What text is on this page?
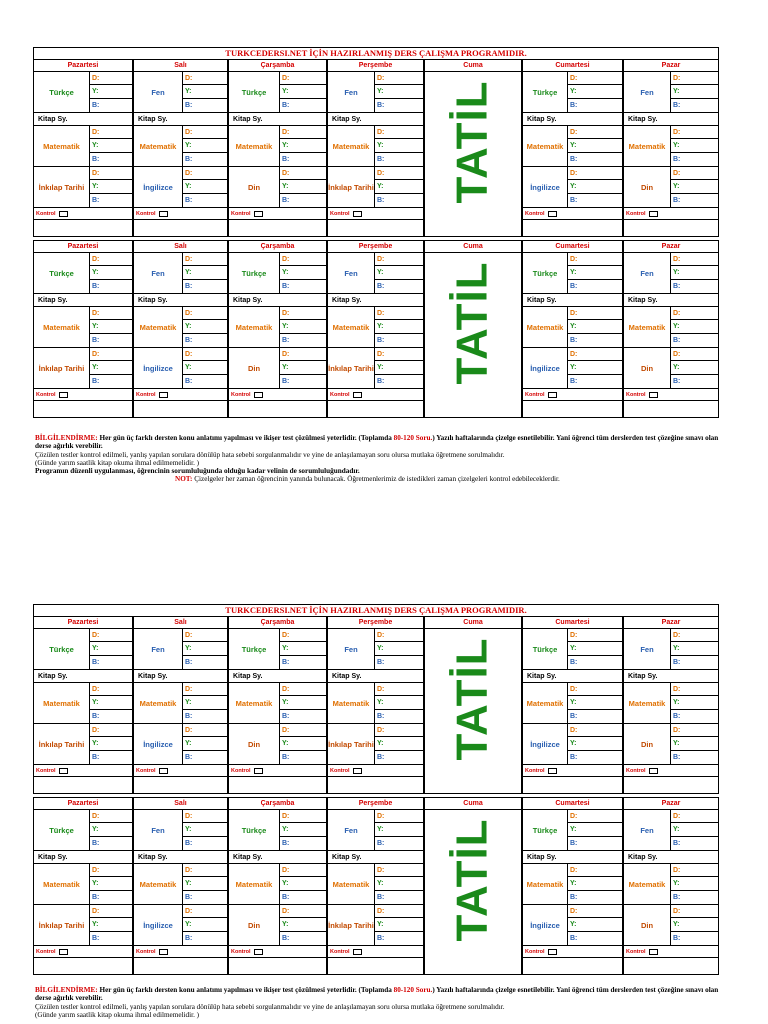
TURKCEDERSI.NET İÇİN HAZIRLANMIŞ DERS ÇALIŞMA PROGRAMIDIR.
Pazartesi
Türkçe
D:
Y:
B:
Kitap Sy.
Matematik
D:
Y:
B:
İnkılap Tarihi
D:
Y:
B:
Kontrol
Salı
Fen
D:
Y:
B:
Kitap Sy.
Matematik
D:
Y:
B:
İngilizce
D:
Y:
B:
Kontrol
Çarşamba
Türkçe
D:
Y:
B:
Kitap Sy.
Matematik
D:
Y:
B:
Din
D:
Y:
B:
Kontrol
Perşembe
Fen
D:
Y:
B:
Kitap Sy.
Matematik
D:
Y:
B:
İnkılap Tarihi
D:
Y:
B:
Kontrol
Cuma
TATİL
Cumartesi
Türkçe
D:
Y:
B:
Kitap Sy.
Matematik
D:
Y:
B:
İngilizce
D:
Y:
B:
Kontrol
Pazar
Fen
D:
Y:
B:
Kitap Sy.
Matematik
D:
Y:
B:
Din
D:
Y:
B:
Kontrol
Pazartesi
Türkçe
D:
Y:
B:
Kitap Sy.
Matematik
D:
Y:
B:
İnkılap Tarihi
D:
Y:
B:
Kontrol
Salı
Fen
D:
Y:
B:
Kitap Sy.
Matematik
D:
Y:
B:
İngilizce
D:
Y:
B:
Kontrol
Çarşamba
Türkçe
D:
Y:
B:
Kitap Sy.
Matematik
D:
Y:
B:
Din
D:
Y:
B:
Kontrol
Perşembe
Fen
D:
Y:
B:
Kitap Sy.
Matematik
D:
Y:
B:
İnkılap Tarihi
D:
Y:
B:
Kontrol
Cuma
TATİL
Cumartesi
Türkçe
D:
Y:
B:
Kitap Sy.
Matematik
D:
Y:
B:
İngilizce
D:
Y:
B:
Kontrol
Pazar
Fen
D:
Y:
B:
Kitap Sy.
Matematik
D:
Y:
B:
Din
D:
Y:
B:
Kontrol

BİLGİLENDİRME: Her gün üç farklı dersten konu anlatımı yapılması ve ikişer test çözülmesi yeterlidir. (Toplamda 80-120 Soru.) Yazılı haftalarında çizelge esnetilebilir. Yani öğrenci tüm derslerden test çözeğine sınavı olan derse ağırlık verebilir.

Çözülen testler kontrol edilmeli, yanlış yapılan sorulara dönülüp hata sebebi sorgulanmalıdır ve yine de anlaşılamayan soru olursa mutlaka öğretmene sorulmalıdır.

(Günde yarım saatlik kitap okuma ihmal edilmemelidir. )

Programın düzenli uygulanması, öğrencinin sorumluluğunda olduğu kadar velinin de sorumluluğundadır.

NOT: Çizelgeler her zaman öğrencinin yanında bulunacak. Öğretmenlerimiz de istedikleri zaman çizelgeleri kontrol edebileceklerdir.

TURKCEDERSI.NET İÇİN HAZIRLANMIŞ DERS ÇALIŞMA PROGRAMIDIR.
Pazartesi
Türkçe
D:
Y:
B:
Kitap Sy.
Matematik
D:
Y:
B:
İnkılap Tarihi
D:
Y:
B:
Kontrol
Salı
Fen
D:
Y:
B:
Kitap Sy.
Matematik
D:
Y:
B:
İngilizce
D:
Y:
B:
Kontrol
Çarşamba
Türkçe
D:
Y:
B:
Kitap Sy.
Matematik
D:
Y:
B:
Din
D:
Y:
B:
Kontrol
Perşembe
Fen
D:
Y:
B:
Kitap Sy.
Matematik
D:
Y:
B:
İnkılap Tarihi
D:
Y:
B:
Kontrol
Cuma
TATİL
Cumartesi
Türkçe
D:
Y:
B:
Kitap Sy.
Matematik
D:
Y:
B:
İngilizce
D:
Y:
B:
Kontrol
Pazar
Fen
D:
Y:
B:
Kitap Sy.
Matematik
D:
Y:
B:
Din
D:
Y:
B:
Kontrol
Pazartesi
Türkçe
D:
Y:
B:
Kitap Sy.
Matematik
D:
Y:
B:
İnkılap Tarihi
D:
Y:
B:
Kontrol
Salı
Fen
D:
Y:
B:
Kitap Sy.
Matematik
D:
Y:
B:
İngilizce
D:
Y:
B:
Kontrol
Çarşamba
Türkçe
D:
Y:
B:
Kitap Sy.
Matematik
D:
Y:
B:
Din
D:
Y:
B:
Kontrol
Perşembe
Fen
D:
Y:
B:
Kitap Sy.
Matematik
D:
Y:
B:
İnkılap Tarihi
D:
Y:
B:
Kontrol
Cuma
TATİL
Cumartesi
Türkçe
D:
Y:
B:
Kitap Sy.
Matematik
D:
Y:
B:
İngilizce
D:
Y:
B:
Kontrol
Pazar
Fen
D:
Y:
B:
Kitap Sy.
Matematik
D:
Y:
B:
Din
D:
Y:
B:
Kontrol

BİLGİLENDİRME: Her gün üç farklı dersten konu anlatımı yapılması ve ikişer test çözülmesi yeterlidir. (Toplamda 80-120 Soru.) Yazılı haftalarında çizelge esnetilebilir. Yani öğrenci tüm derslerden test çözeğine sınavı olan derse ağırlık verebilir.

Çözülen testler kontrol edilmeli, yanlış yapılan sorulara dönülüp hata sebebi sorgulanmalıdır ve yine de anlaşılamayan soru olursa mutlaka öğretmene sorulmalıdır.

(Günde yarım saatlik kitap okuma ihmal edilmemelidir. )
